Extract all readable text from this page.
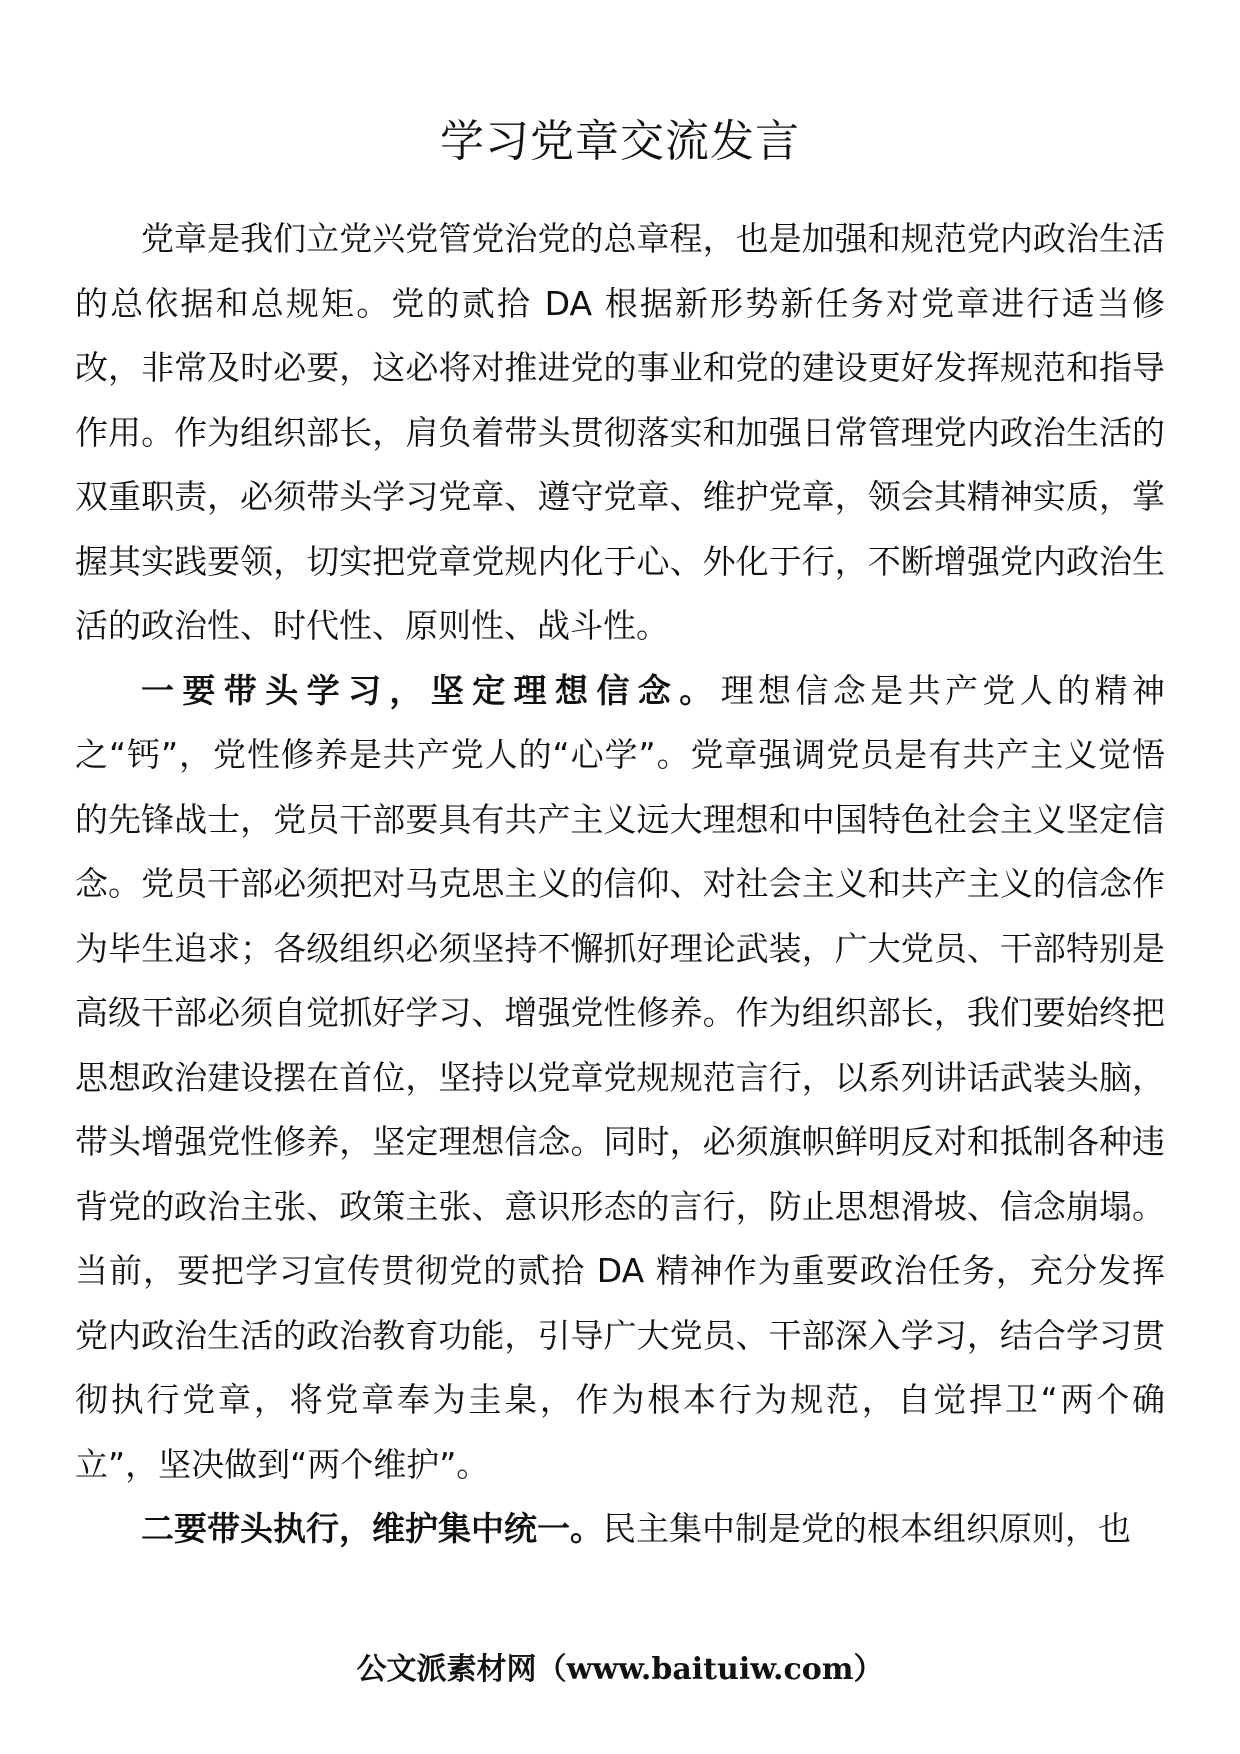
学习党章交流发言

党章是我们立党兴党管党治党的总章程，也是加强和规范党内政治生活的总依据和总规矩。党的贰拾 DA 根据新形势新任务对党章进行适当修改，非常及时必要，这必将对推进党的事业和党的建设更好发挥规范和指导作用。作为组织部长，肩负着带头贯彻落实和加强日常管理党内政治生活的双重职责，必须带头学习党章、遵守党章、维护党章，领会其精神实质，掌握其实践要领，切实把党章党规内化于心、外化于行，不断增强党内政治生活的政治性、时代性、原则性、战斗性。

一要带头学习，坚定理想信念。理想信念是共产党人的精神之“钙”，党性修养是共产党人的“心学”。党章强调党员是有共产主义觉悟的先锋战士，党员干部要具有共产主义远大理想和中国特色社会主义坚定信念。党员干部必须把对马克思主义的信仰、对社会主义和共产主义的信念作为毕生追求；各级组织必须坚持不懈抓好理论武装，广大党员、干部特别是高级干部必须自觉抓好学习、增强党性修养。作为组织部长，我们要始终把思想政治建设摆在首位，坚持以党章党规规范言行，以系列讲话武装头脑，带头增强党性修养，坚定理想信念。同时，必须旗帜鲜明反对和抵制各种违背党的政治主张、政策主张、意识形态的言行，防止思想滑坡、信念崩塌。当前，要把学习宣传贯彻党的贰拾 DA 精神作为重要政治任务，充分发挥党内政治生活的政治教育功能，引导广大党员、干部深入学习，结合学习贯彻执行党章，将党章奉为圭臬，作为根本行为规范，自觉捍卫“两个确立”，坚决做到“两个维护”。

二要带头执行，维护集中统一。民主集中制是党的根本组织原则，也

公文派素材网（www.baituiw.com）
